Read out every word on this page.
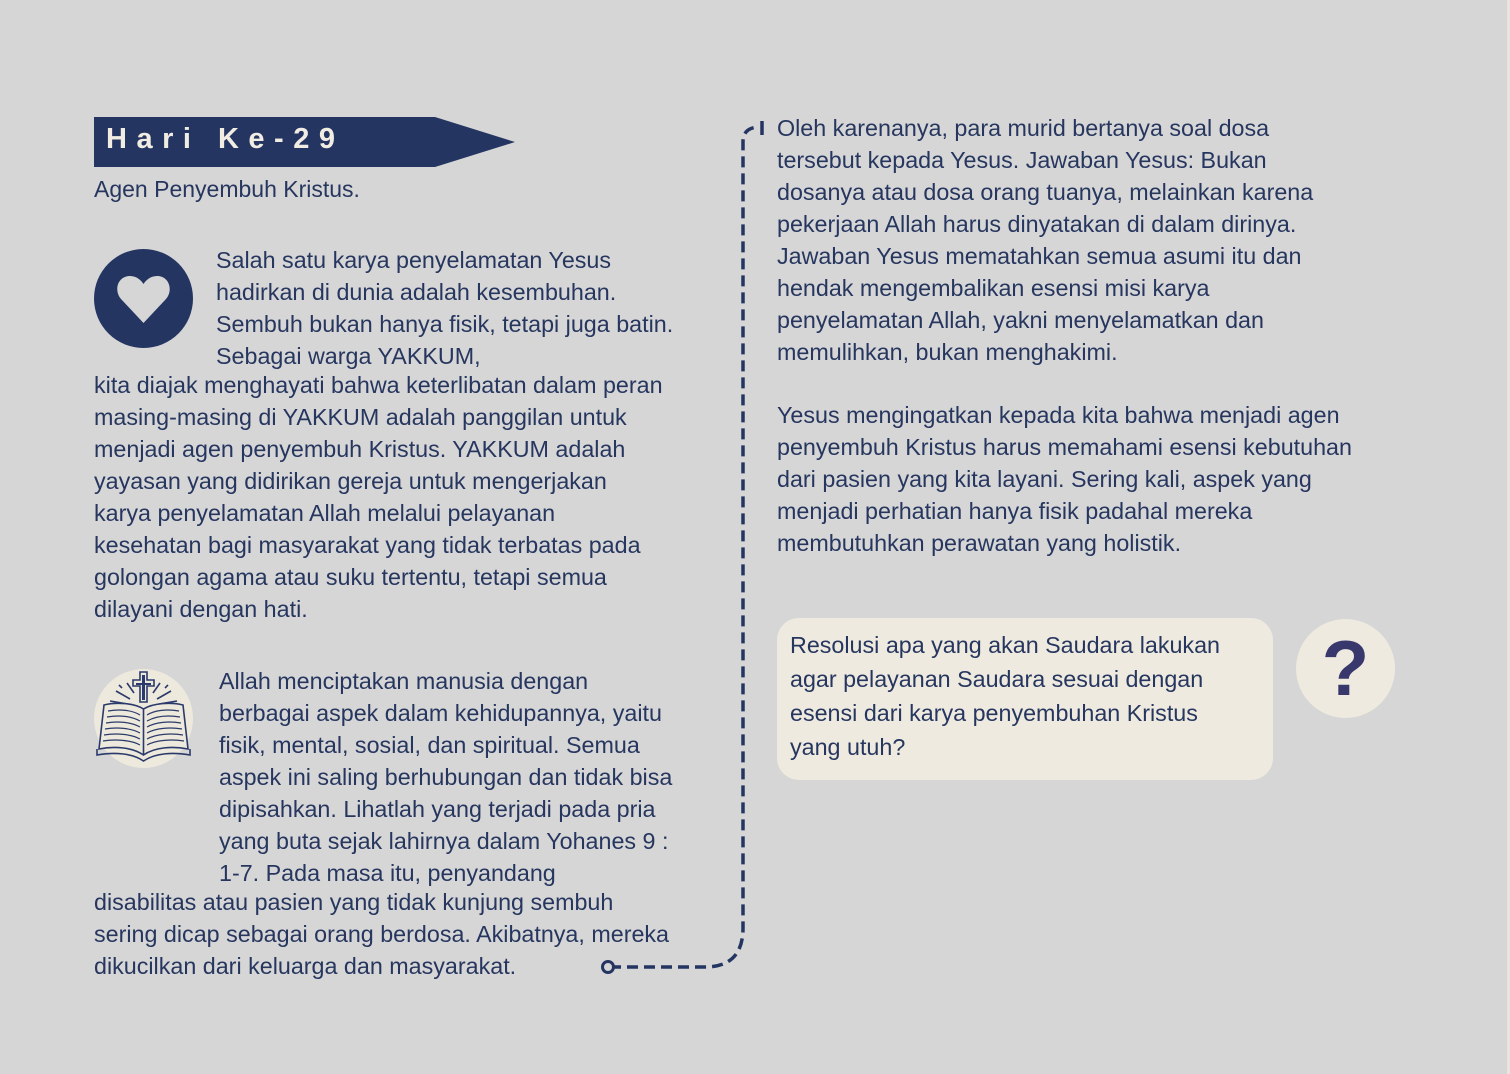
Hari Ke-29
Agen Penyembuh Kristus.
Salah satu karya penyelamatan Yesus
hadirkan di dunia adalah kesembuhan.
Sembuh bukan hanya fisik, tetapi juga batin.
Sebagai warga YAKKUM,
kita diajak menghayati bahwa keterlibatan dalam peran
masing-masing di YAKKUM adalah panggilan untuk
menjadi agen penyembuh Kristus. YAKKUM adalah
yayasan yang didirikan gereja untuk mengerjakan
karya penyelamatan Allah melalui pelayanan
kesehatan bagi masyarakat yang tidak terbatas pada
golongan agama atau suku tertentu, tetapi semua
dilayani dengan hati.
Allah menciptakan manusia dengan
berbagai aspek dalam kehidupannya, yaitu
fisik, mental, sosial, dan spiritual. Semua
aspek ini saling berhubungan dan tidak bisa
dipisahkan. Lihatlah yang terjadi pada pria
yang buta sejak lahirnya dalam Yohanes 9 :
1-7. Pada masa itu, penyandang
disabilitas atau pasien yang tidak kunjung sembuh
sering dicap sebagai orang berdosa. Akibatnya, mereka
dikucilkan dari keluarga dan masyarakat.
Oleh karenanya, para murid bertanya soal dosa
tersebut kepada Yesus. Jawaban Yesus: Bukan
dosanya atau dosa orang tuanya, melainkan karena
pekerjaan Allah harus dinyatakan di dalam dirinya.
Jawaban Yesus mematahkan semua asumi itu dan
hendak mengembalikan esensi misi karya
penyelamatan Allah, yakni menyelamatkan dan
memulihkan, bukan menghakimi.
Yesus mengingatkan kepada kita bahwa menjadi agen
penyembuh Kristus harus memahami esensi kebutuhan
dari pasien yang kita layani. Sering kali, aspek yang
menjadi perhatian hanya fisik padahal mereka
membutuhkan perawatan yang holistik.
Resolusi apa yang akan Saudara lakukan
agar pelayanan Saudara sesuai dengan
esensi dari karya penyembuhan Kristus
yang utuh?
?
